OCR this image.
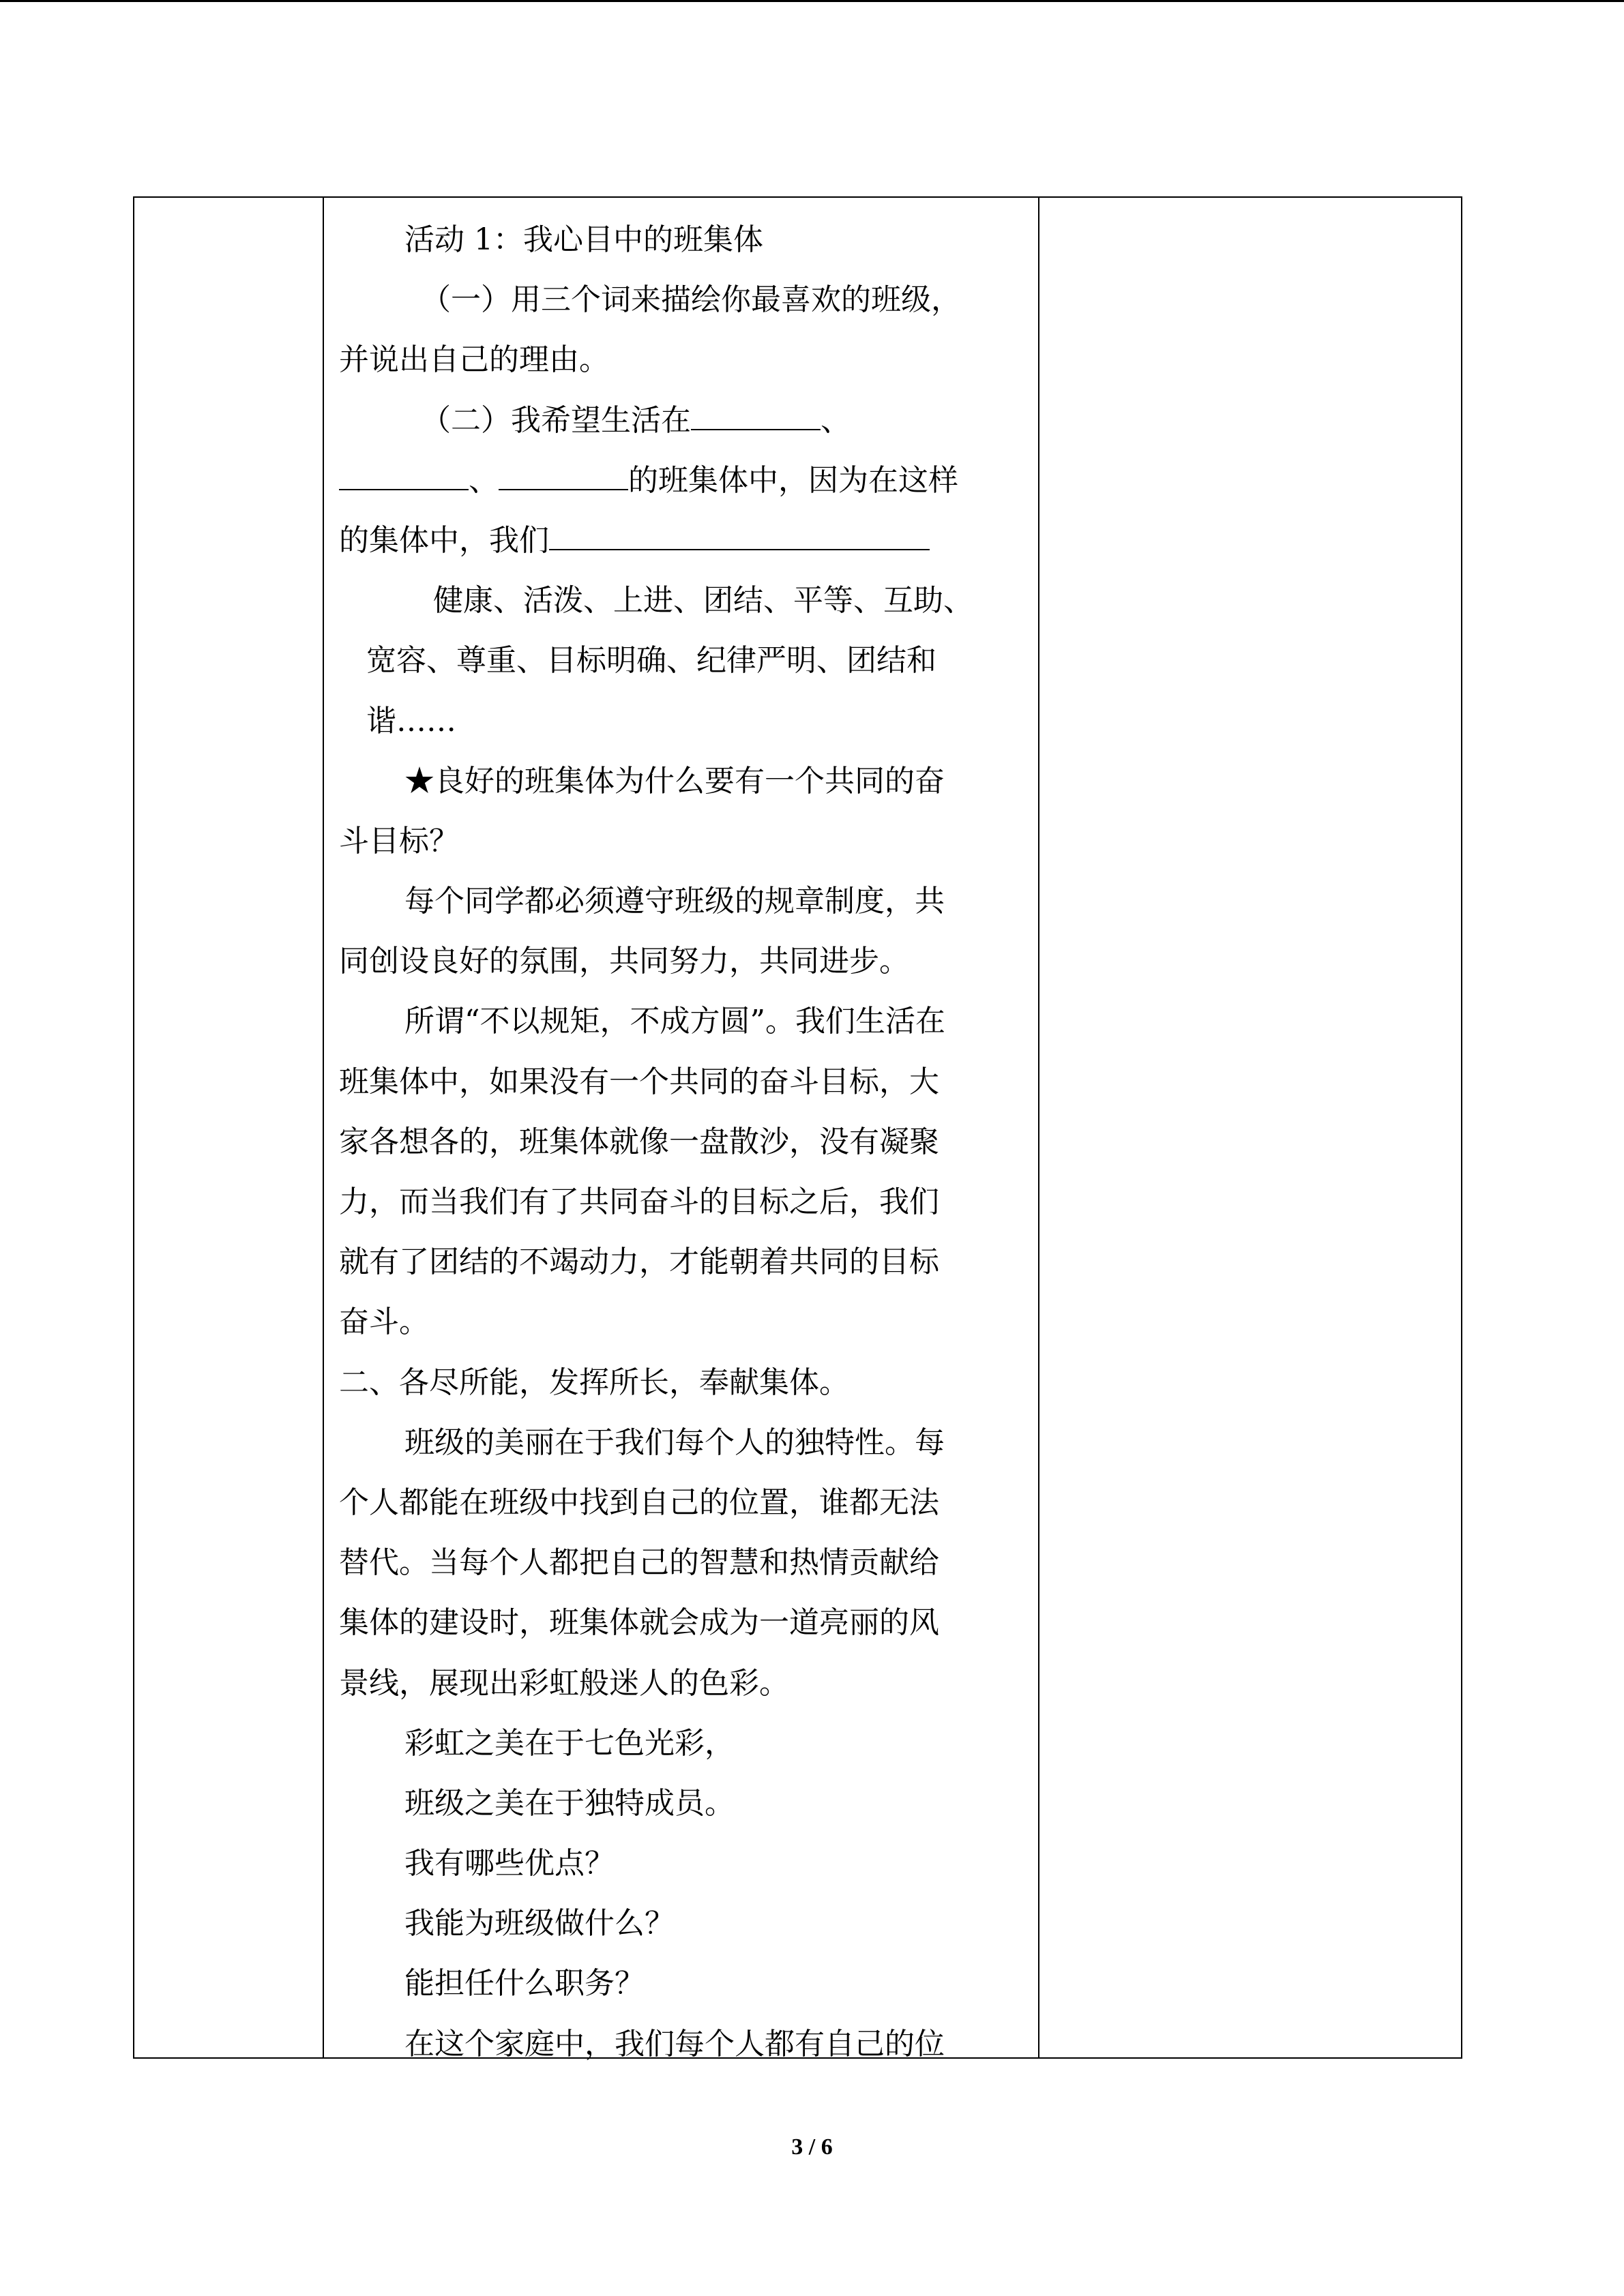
活动 1：我心目中的班集体
（一）用三个词来描绘你最喜欢的班级，
并说出自己的理由。
（二）我希望生活在	、
、	的班集体中，因为在这样
的集体中，我们
健康、活泼、上进、团结、平等、互助、
宽容、尊重、目标明确、纪律严明、团结和
谐……
★良好的班集体为什么要有一个共同的奋
斗目标？
每个同学都必须遵守班级的规章制度，共
同创设良好的氛围，共同努力，共同进步。
所谓“不以规矩，不成方圆”。我们生活在
班集体中，如果没有一个共同的奋斗目标，大
家各想各的，班集体就像一盘散沙，没有凝聚
力，而当我们有了共同奋斗的目标之后，我们
就有了团结的不竭动力，才能朝着共同的目标
奋斗。
二、各尽所能，发挥所长，奉献集体。
班级的美丽在于我们每个人的独特性。每
个人都能在班级中找到自己的位置，谁都无法
替代。当每个人都把自己的智慧和热情贡献给
集体的建设时，班集体就会成为一道亮丽的风
景线，展现出彩虹般迷人的色彩。
彩虹之美在于七色光彩，
班级之美在于独特成员。
我有哪些优点？
我能为班级做什么？
能担任什么职务？
在这个家庭中，我们每个人都有自己的位
3 / 6
